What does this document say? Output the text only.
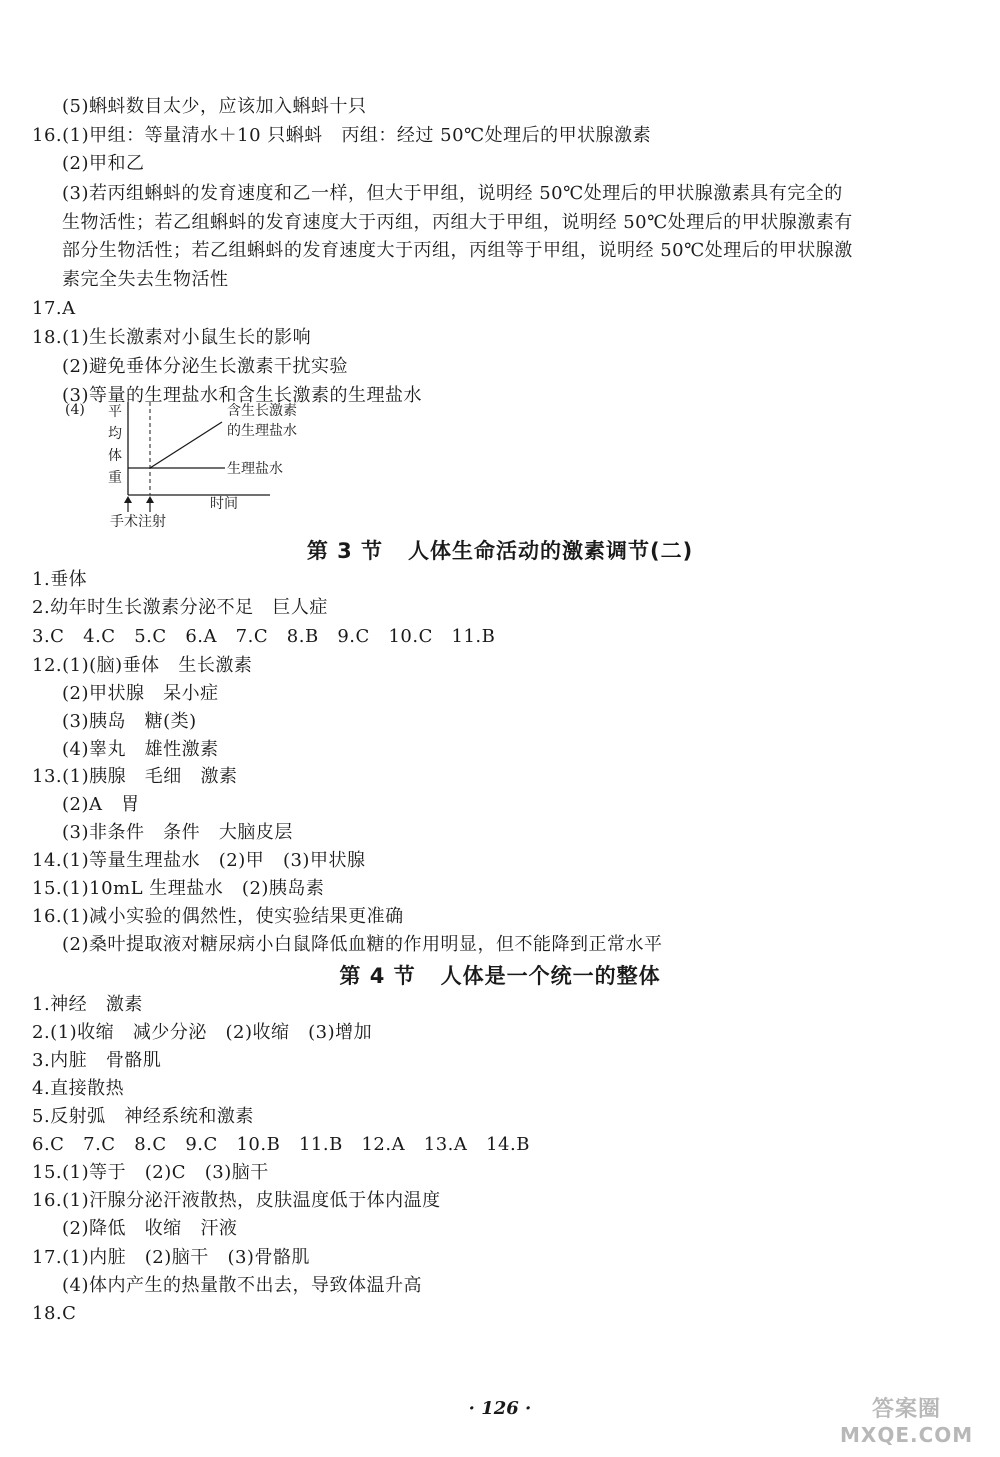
(5)蝌蚪数目太少，应该加入蝌蚪十只
16.(1)甲组：等量清水＋10 只蝌蚪   丙组：经过 50℃处理后的甲状腺激素
(2)甲和乙
(3)若丙组蝌蚪的发育速度和乙一样，但大于甲组，说明经 50℃处理后的甲状腺激素具有完全的
生物活性；若乙组蝌蚪的发育速度大于丙组，丙组大于甲组，说明经 50℃处理后的甲状腺激素有
部分生物活性；若乙组蝌蚪的发育速度大于丙组，丙组等于甲组，说明经 50℃处理后的甲状腺激
素完全失去生物活性
17.A
18.(1)生长激素对小鼠生长的影响
(2)避免垂体分泌生长激素干扰实验
(3)等量的生理盐水和含生长激素的生理盐水
(4) 平
均
体
重
含生长激素
的生理盐水
生理盐水
时间
手术注射
第 3 节   人体生命活动的激素调节(二)
1.垂体
2.幼年时生长激素分泌不足   巨人症
3.C   4.C   5.C   6.A   7.C   8.B   9.C   10.C   11.B
12.(1)(脑)垂体   生长激素
(2)甲状腺   呆小症
(3)胰岛   糖(类)
(4)睾丸   雄性激素
13.(1)胰腺   毛细   激素
(2)A   胃
(3)非条件   条件   大脑皮层
14.(1)等量生理盐水   (2)甲   (3)甲状腺
15.(1)10mL 生理盐水   (2)胰岛素
16.(1)减小实验的偶然性，使实验结果更准确
(2)桑叶提取液对糖尿病小白鼠降低血糖的作用明显，但不能降到正常水平
第 4 节   人体是一个统一的整体
1.神经   激素
2.(1)收缩   减少分泌   (2)收缩   (3)增加
3.内脏   骨骼肌
4.直接散热
5.反射弧   神经系统和激素
6.C   7.C   8.C   9.C   10.B   11.B   12.A   13.A   14.B
15.(1)等于   (2)C   (3)脑干
16.(1)汗腺分泌汗液散热，皮肤温度低于体内温度
(2)降低   收缩   汗液
17.(1)内脏   (2)脑干   (3)骨骼肌
(4)体内产生的热量散不出去，导致体温升高
18.C
· 126 ·	答案圈
MXQE.COM
